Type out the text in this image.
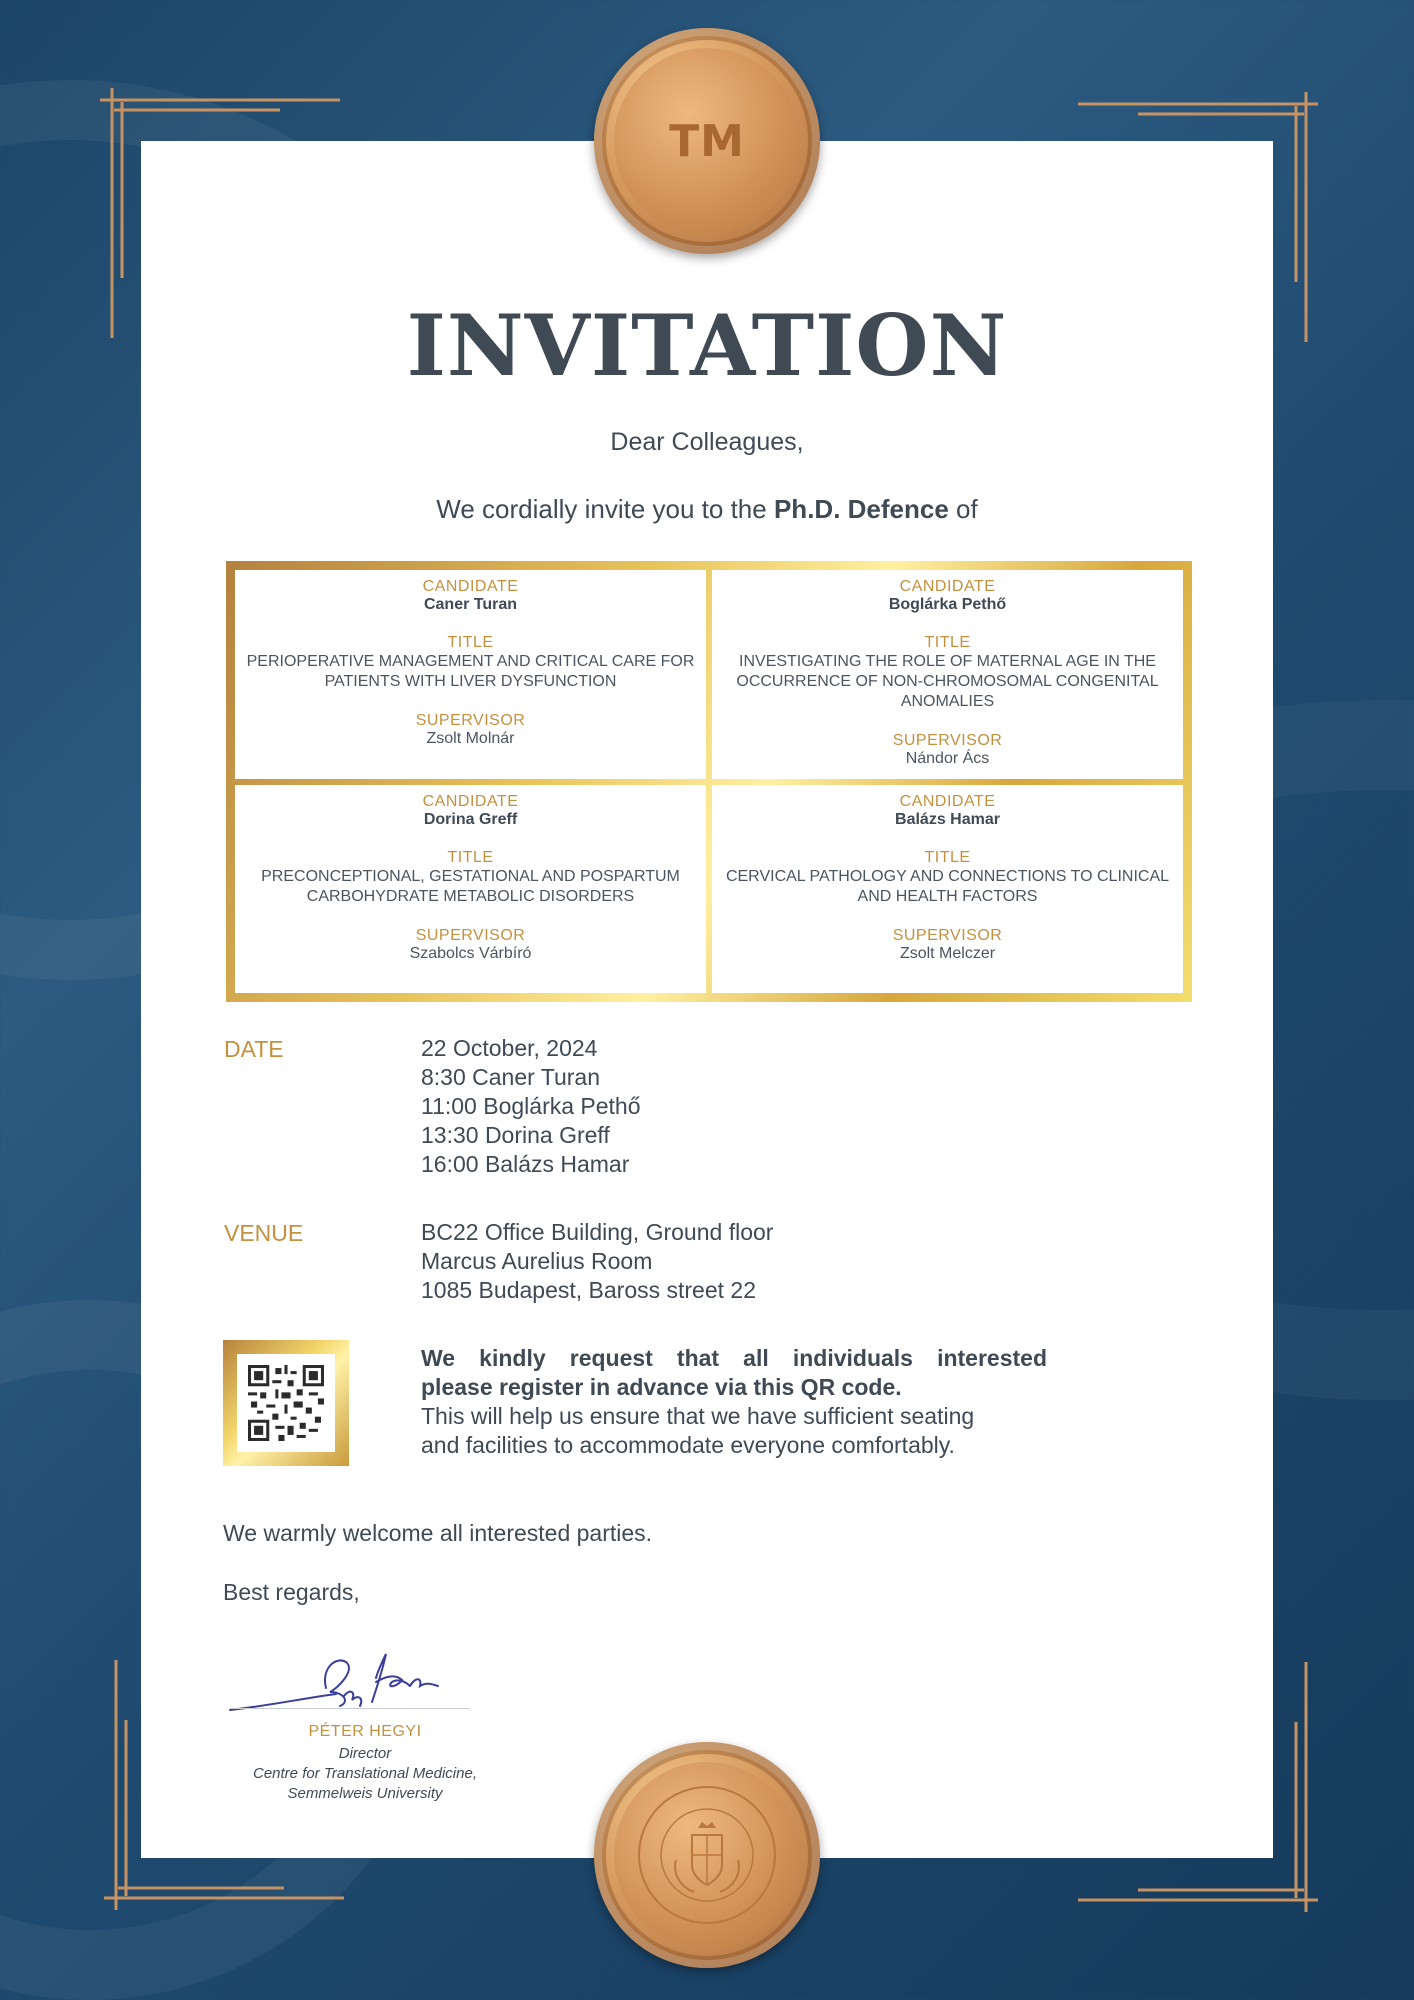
TM
INVITATION
Dear Colleagues,
We cordially invite you to the Ph.D. Defence of
CANDIDATE
Caner Turan
TITLE
PERIOPERATIVE MANAGEMENT AND CRITICAL CARE FOR PATIENTS WITH LIVER DYSFUNCTION
SUPERVISOR
Zsolt Molnár
CANDIDATE
Boglárka Pethő
TITLE
INVESTIGATING THE ROLE OF MATERNAL AGE IN THE OCCURRENCE OF NON-CHROMOSOMAL CONGENITAL ANOMALIES
SUPERVISOR
Nándor Ács
CANDIDATE
Dorina Greff
TITLE
PRECONCEPTIONAL, GESTATIONAL AND POSPARTUM CARBOHYDRATE METABOLIC DISORDERS
SUPERVISOR
Szabolcs Várbíró
CANDIDATE
Balázs Hamar
TITLE
CERVICAL PATHOLOGY AND CONNECTIONS TO CLINICAL AND HEALTH FACTORS
SUPERVISOR
Zsolt Melczer
DATE	22 October, 2024
8:30 Caner Turan
11:00 Boglárka Pethő
13:30 Dorina Greff
16:00 Balázs Hamar
VENUE	BC22 Office Building, Ground floor
Marcus Aurelius Room
1085 Budapest, Baross street 22
We kindly request that all individuals interested
please register in advance via this QR code.
This will help us ensure that we have sufficient seating
and facilities to accommodate everyone comfortably.
We warmly welcome all interested parties.
Best regards,
PÉTER HEGYI
Director
Centre for Translational Medicine,
Semmelweis University
